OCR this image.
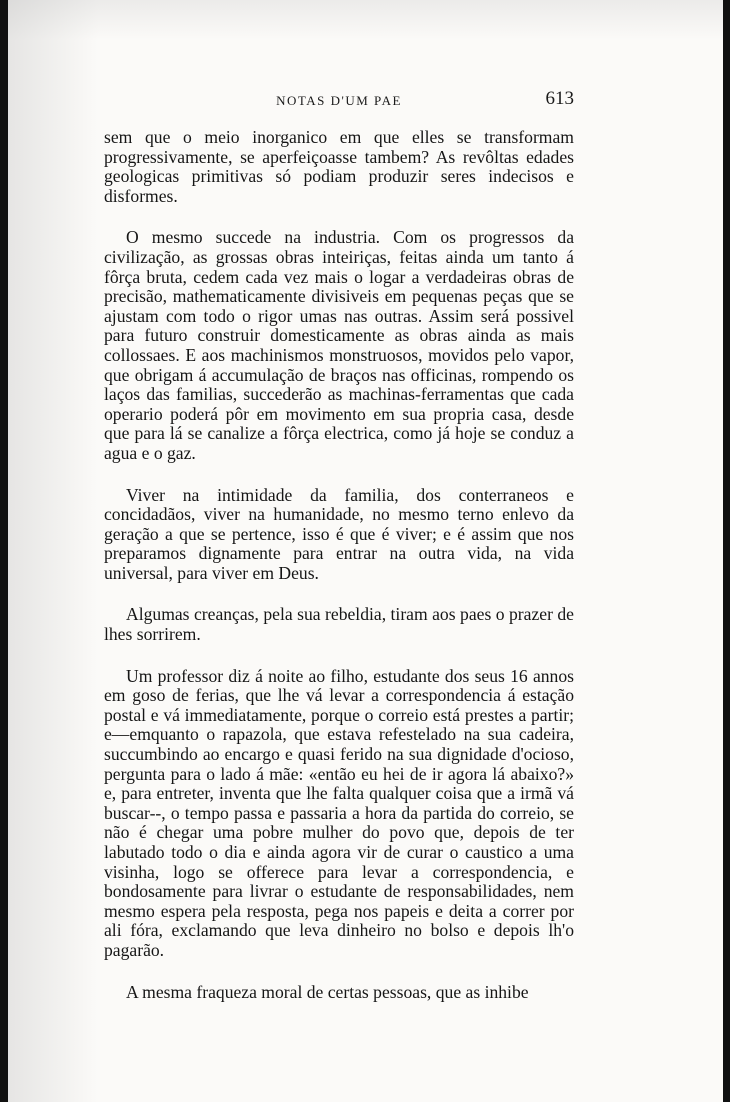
NOTAS D'UM PAE	613

sem que o meio inorganico em que elles se transformam progressivamente, se aperfeiçoasse tambem? As revôltas edades geologicas primitivas só podiam produzir seres indecisos e disformes.

O mesmo succede na industria. Com os progressos da civilização, as grossas obras inteiriças, feitas ainda um tanto á fôrça bruta, cedem cada vez mais o logar a verdadeiras obras de precisão, mathematicamente divisiveis em pequenas peças que se ajustam com todo o rigor umas nas outras. Assim será possivel para futuro construir domesticamente as obras ainda as mais collossaes. E aos machinismos monstruosos, movidos pelo vapor, que obrigam á accumulação de braços nas officinas, rompendo os laços das familias, succederão as machinas-ferramentas que cada operario poderá pôr em movimento em sua propria casa, desde que para lá se canalize a fôrça electrica, como já hoje se conduz a agua e o gaz.

Viver na intimidade da familia, dos conterraneos e concidadãos, viver na humanidade, no mesmo terno enlevo da geração a que se pertence, isso é que é viver; e é assim que nos preparamos dignamente para entrar na outra vida, na vida universal, para viver em Deus.

Algumas creanças, pela sua rebeldia, tiram aos paes o prazer de lhes sorrirem.

Um professor diz á noite ao filho, estudante dos seus 16 annos em goso de ferias, que lhe vá levar a correspondencia á estação postal e vá immediatamente, porque o correio está prestes a partir; e—emquanto o rapazola, que estava refestelado na sua cadeira, succumbindo ao encargo e quasi ferido na sua dignidade d'ocioso, pergunta para o lado á mãe: «então eu hei de ir agora lá abaixo?» e, para entreter, inventa que lhe falta qualquer coisa que a irmã vá buscar--, o tempo passa e passaria a hora da partida do correio, se não é chegar uma pobre mulher do povo que, depois de ter labutado todo o dia e ainda agora vir de curar o caustico a uma visinha, logo se offerece para levar a correspondencia, e bondosamente para livrar o estudante de responsabilidades, nem mesmo espera pela resposta, pega nos papeis e deita a correr por ali fóra, exclamando que leva dinheiro no bolso e depois lh'o pagarão.

A mesma fraqueza moral de certas pessoas, que as inhibe
